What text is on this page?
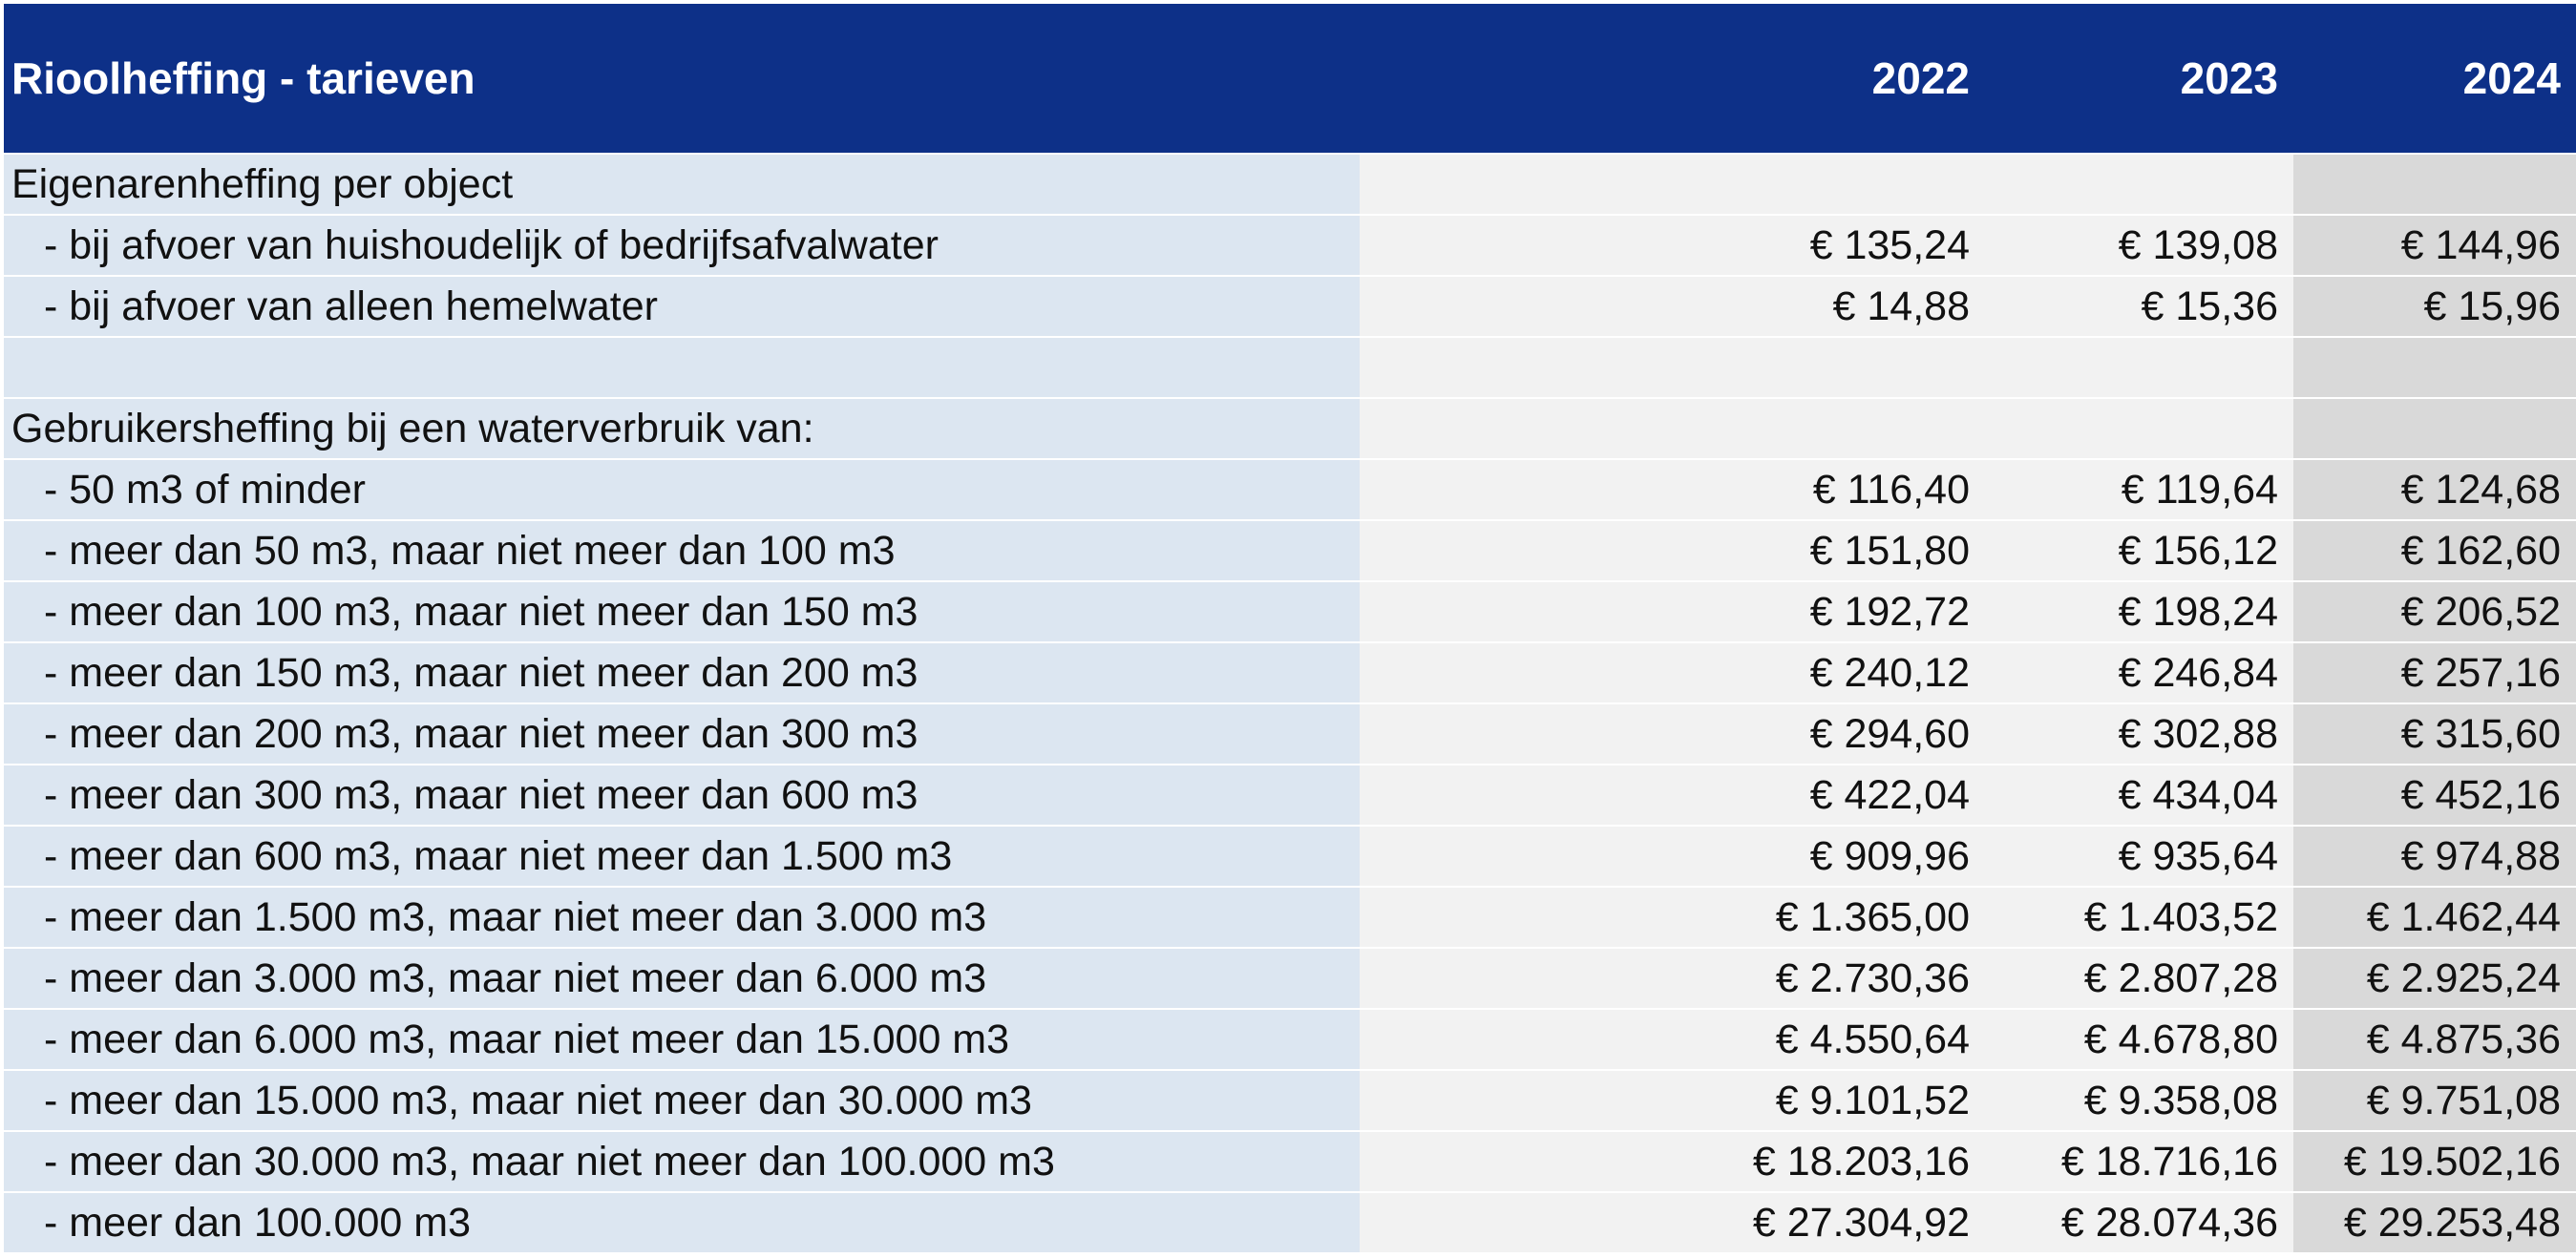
Rioolheffing - tarieven	2022	2023	2024
Eigenarenheffing per object
- bij afvoer van huishoudelijk of bedrijfsafvalwater	€ 135,24	€ 139,08	€ 144,96
- bij afvoer van alleen hemelwater	€ 14,88	€ 15,36	€ 15,96
Gebruikersheffing bij een waterverbruik van:
- 50 m3 of minder	€ 116,40	€ 119,64	€ 124,68
- meer dan 50 m3, maar niet meer dan 100 m3	€ 151,80	€ 156,12	€ 162,60
- meer dan 100 m3, maar niet meer dan 150 m3	€ 192,72	€ 198,24	€ 206,52
- meer dan 150 m3, maar niet meer dan 200 m3	€ 240,12	€ 246,84	€ 257,16
- meer dan 200 m3, maar niet meer dan 300 m3	€ 294,60	€ 302,88	€ 315,60
- meer dan 300 m3, maar niet meer dan 600 m3	€ 422,04	€ 434,04	€ 452,16
- meer dan 600 m3, maar niet meer dan 1.500 m3	€ 909,96	€ 935,64	€ 974,88
- meer dan 1.500 m3, maar niet meer dan 3.000 m3	€ 1.365,00	€ 1.403,52	€ 1.462,44
- meer dan 3.000 m3, maar niet meer dan 6.000 m3	€ 2.730,36	€ 2.807,28	€ 2.925,24
- meer dan 6.000 m3, maar niet meer dan 15.000 m3	€ 4.550,64	€ 4.678,80	€ 4.875,36
- meer dan 15.000 m3, maar niet meer dan 30.000 m3	€ 9.101,52	€ 9.358,08	€ 9.751,08
- meer dan 30.000 m3, maar niet meer dan 100.000 m3	€ 18.203,16	€ 18.716,16	€ 19.502,16
- meer dan 100.000 m3	€ 27.304,92	€ 28.074,36	€ 29.253,48
